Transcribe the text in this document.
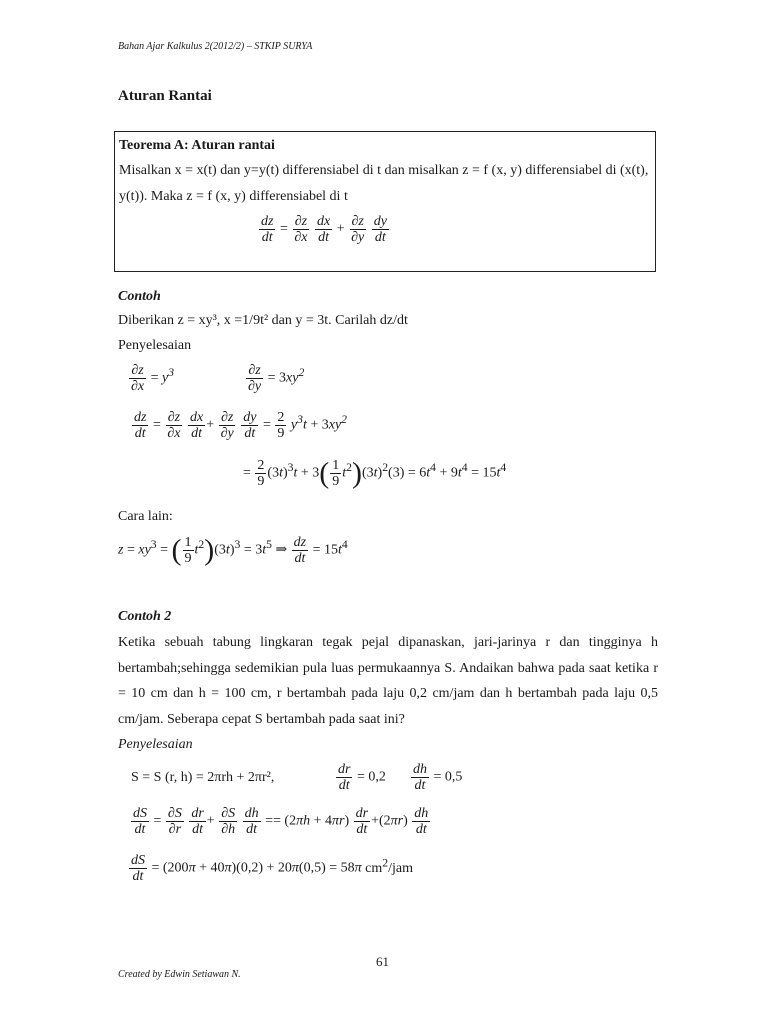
Bahan Ajar Kalkulus 2(2012/2) – STKIP SURYA
Aturan Rantai
Teorema A: Aturan rantai
Misalkan x = x(t) dan y=y(t) differensiabel di t dan misalkan z = f (x, y) differensiabel di (x(t),
y(t)). Maka z = f (x, y) differensiabel di t
$\frac{dz}{dt} = \frac{\partial z}{\partial x}$
$\frac{dx}{dt} + \frac{\partial z}{\partial y}$
$\frac{dy}{dt}$
Contoh
Diberikan z = xy³, x =1/9t² dan y = 3t. Carilah dz/dt
Penyelesaian
$\frac{\partial z}{\partial x} = y^3$	$\frac{\partial z}{\partial y} = 3xy^2$
$\frac{dz}{dt} = \frac{\partial z}{\partial x}$
$\frac{dx}{dt} + \frac{\partial z}{\partial y}$
$\frac{dy}{dt} = \frac{2}{9} y^3t + 3xy^2$
= $\frac{2}{9} (3t)^3t + 3( \frac{1}{9} t^2)(3t)^2(3) = 6t^4 + 9t^4 = 15t^4$
Cara lain:
$z = xy^3$ = ( $\frac{1}{9} t^2)(3t)^3 = 3t^5$ ⇒ $\frac{dz}{dt} = 15t^4$
Contoh 2
Ketika sebuah tabung lingkaran tegak pejal dipanaskan, jari-jarinya r dan tingginya h bertambah;sehingga sedemikian pula luas permukaannya S. Andaikan bahwa pada saat ketika r = 10 cm dan h = 100 cm, r bertambah pada laju 0,2 cm/jam dan h bertambah pada laju 0,5 cm/jam. Seberapa cepat S bertambah pada saat ini?
Penyelesaian
S = S (r, h) = 2πrh + 2πr²,	$\frac{dr}{dt} = 0,2 \frac{dh}{dt} = 0,5$
$\frac{dS}{dt} = \frac{\partial S}{\partial r}$
$\frac{dr}{dt} + \frac{\partial S}{\partial h}$
$\frac{dh}{dt} == (2\pi h + 4\pi r) \frac{dr}{dt} +(2\pi r) \frac{dh}{dt}$
$\frac{dS}{dt} = (200\pi + 40\pi)(0,2) + 20\pi(0,5) = 58\pi$ $cm^2$/jam
61
Created by Edwin Setiawan N.
